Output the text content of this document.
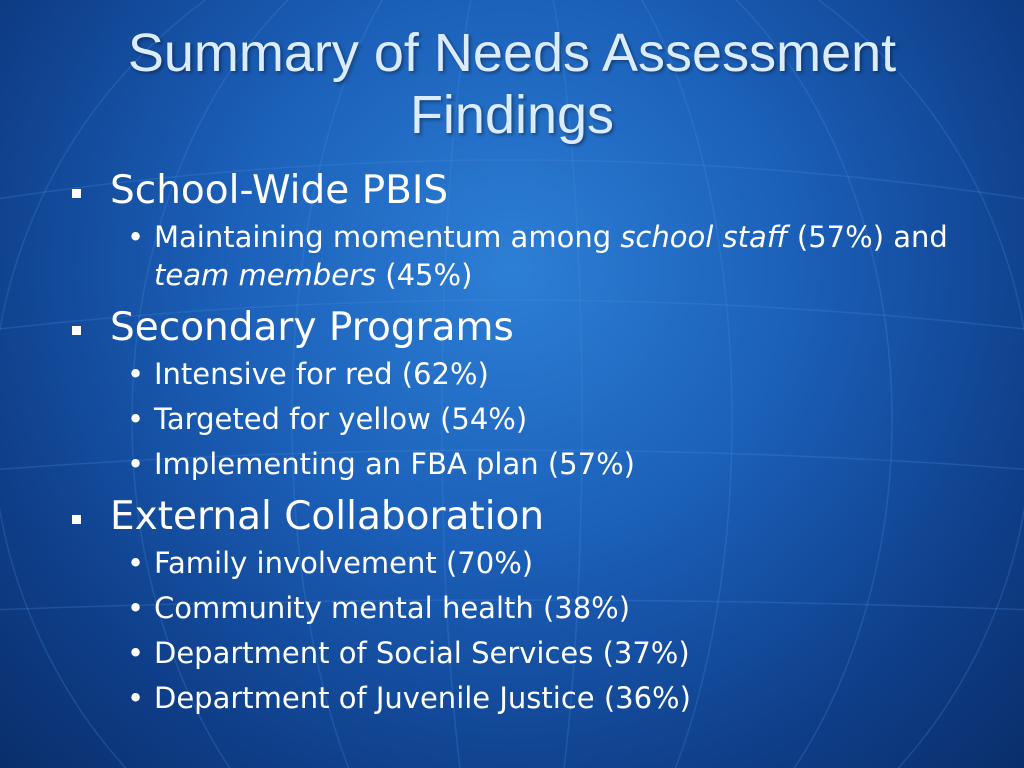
Summary of Needs Assessment
Findings
School-Wide PBIS
• Maintaining momentum among school staff (57%) and team members (45%)
Secondary Programs
• Intensive for red (62%)
• Targeted for yellow (54%)
• Implementing an FBA plan (57%)
External Collaboration
• Family involvement (70%)
• Community mental health (38%)
• Department of Social Services (37%)
• Department of Juvenile Justice (36%)
